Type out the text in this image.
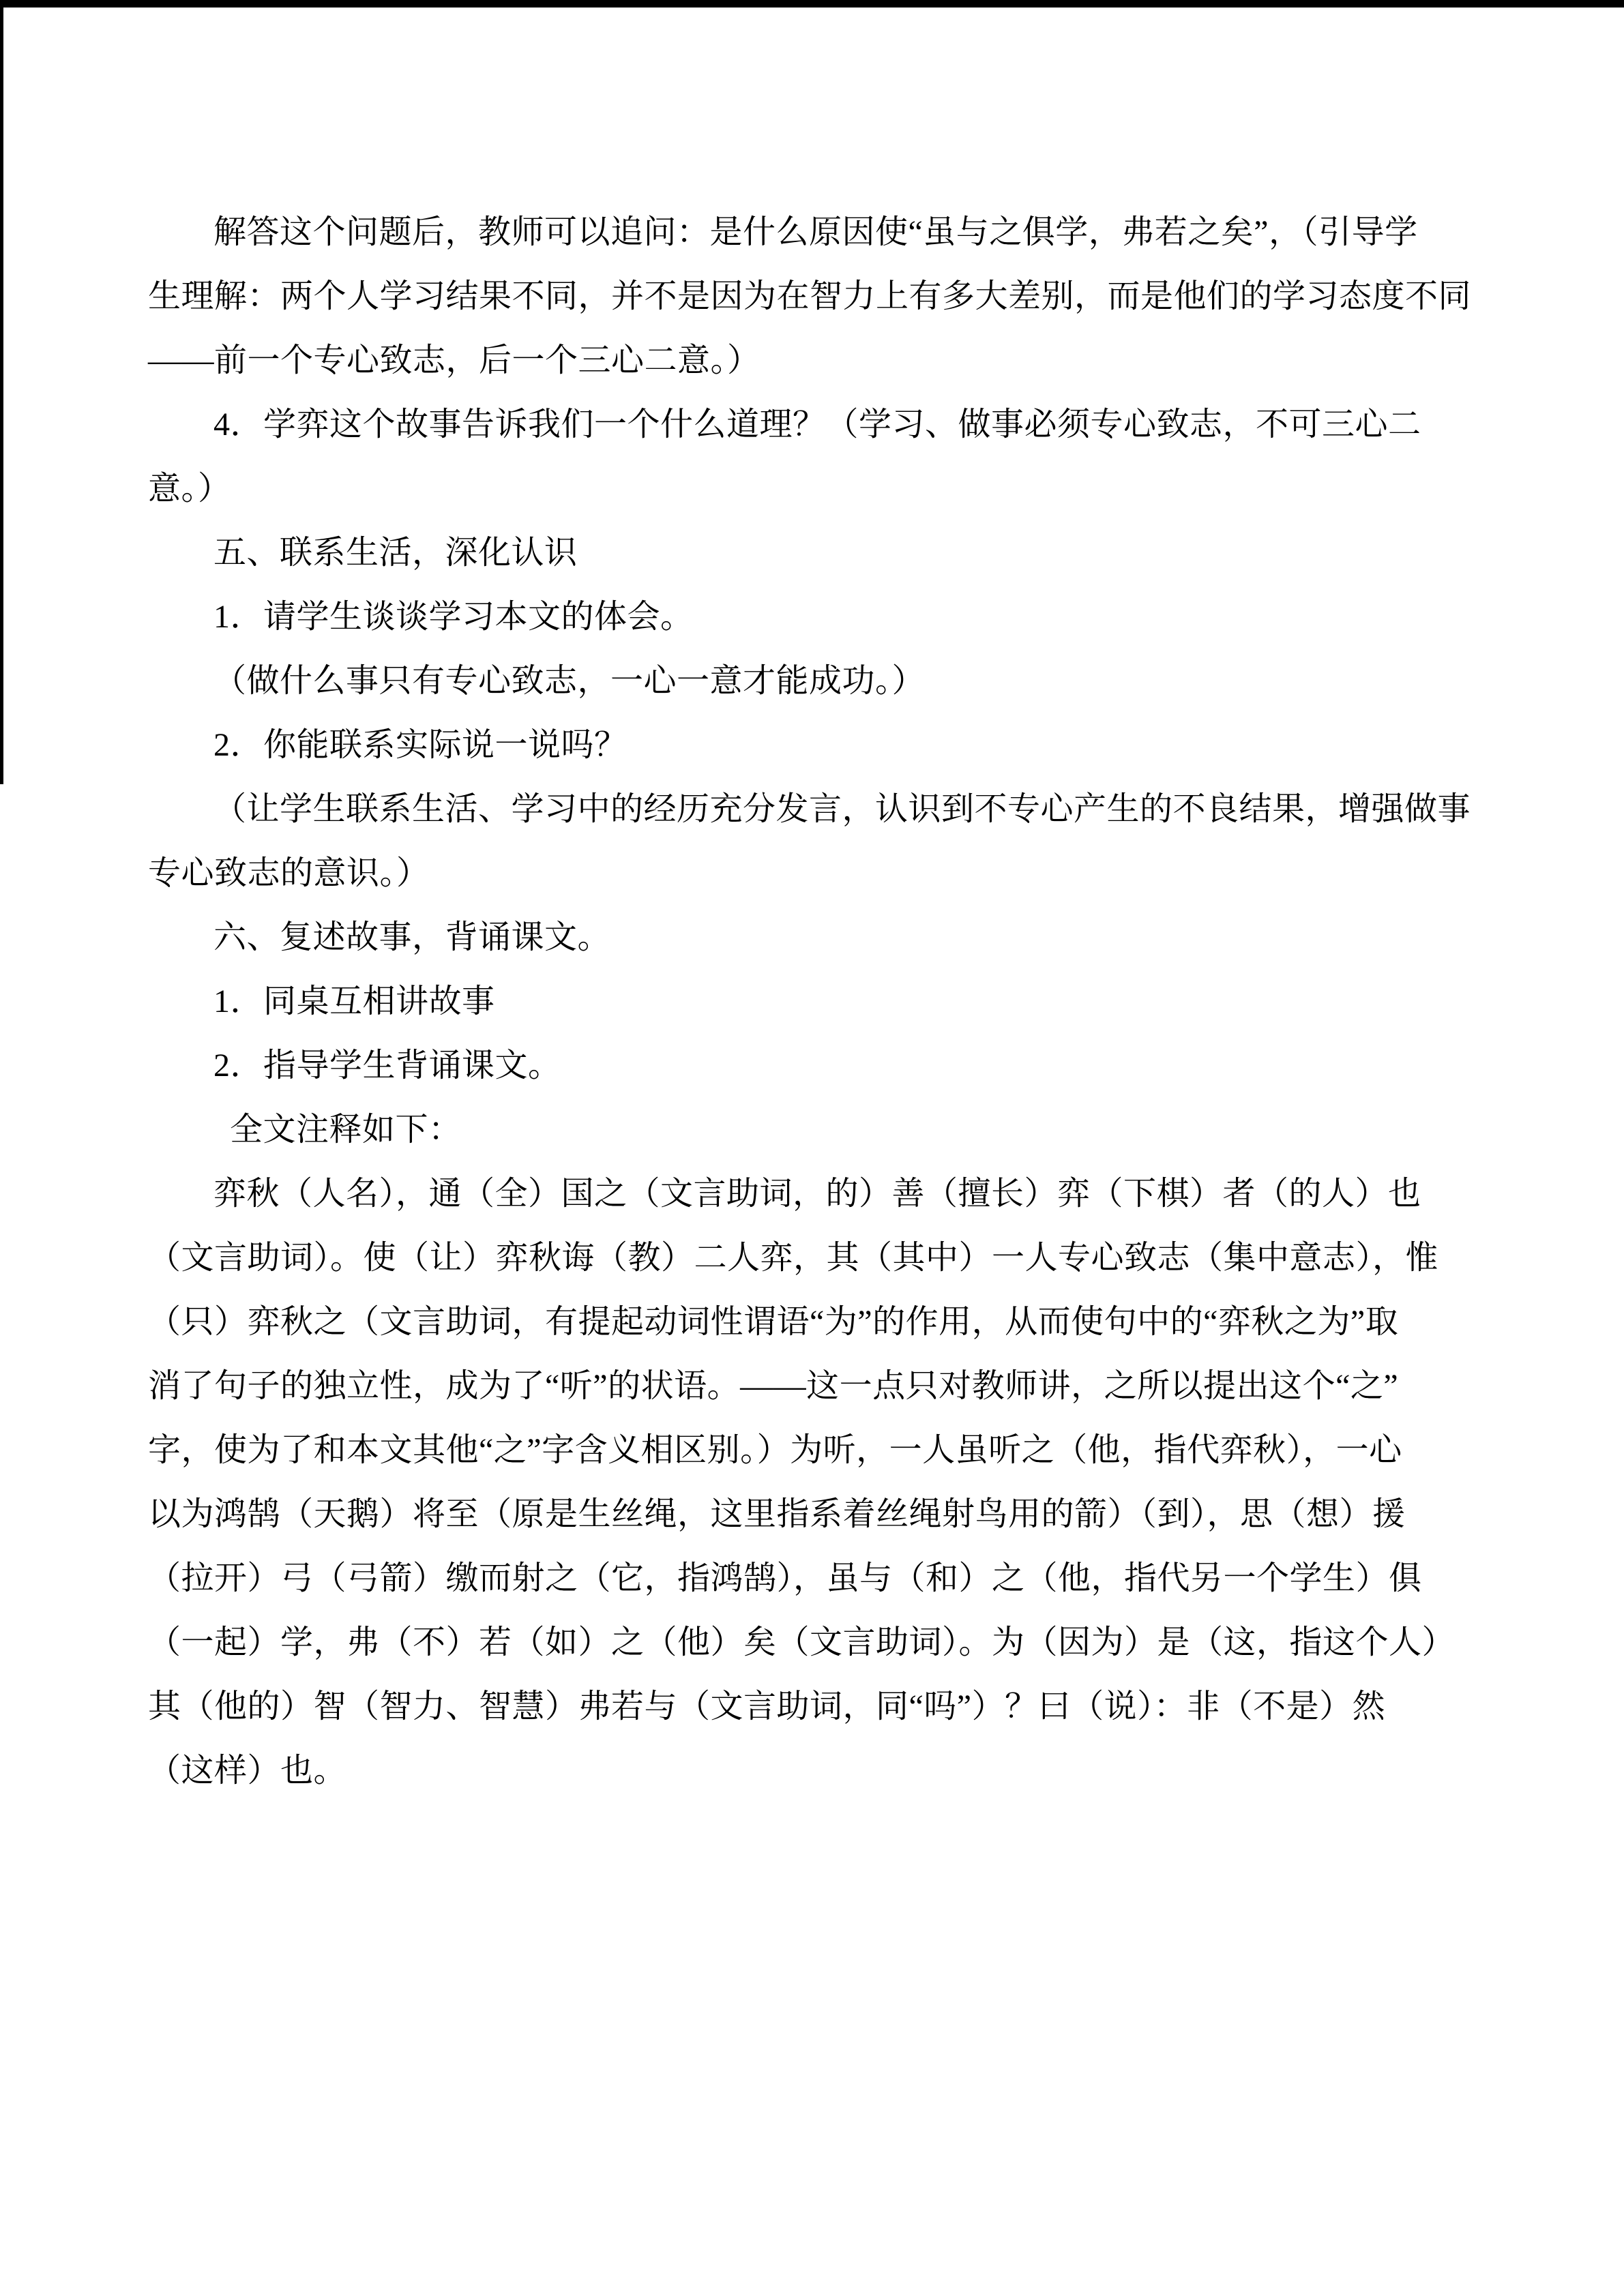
解答这个问题后，教师可以追问：是什么原因使“虽与之俱学，弗若之矣”，（引导学
生理解：两个人学习结果不同，并不是因为在智力上有多大差别，而是他们的学习态度不同
——前一个专心致志，后一个三心二意。）
4．学弈这个故事告诉我们一个什么道理？（学习、做事必须专心致志，不可三心二
意。）
五、联系生活，深化认识
1．请学生谈谈学习本文的体会。
（做什么事只有专心致志，一心一意才能成功。）
2．你能联系实际说一说吗？
（让学生联系生活、学习中的经历充分发言，认识到不专心产生的不良结果，增强做事
专心致志的意识。）
六、复述故事，背诵课文。
1．同桌互相讲故事
2．指导学生背诵课文。
全文注释如下：
弈秋（人名），通（全）国之（文言助词，的）善（擅长）弈（下棋）者（的人）也
（文言助词）。使（让）弈秋诲（教）二人弈，其（其中）一人专心致志（集中意志），惟
（只）弈秋之（文言助词，有提起动词性谓语“为”的作用，从而使句中的“弈秋之为”取
消了句子的独立性，成为了“听”的状语。——这一点只对教师讲，之所以提出这个“之”
字，使为了和本文其他“之”字含义相区别。）为听，一人虽听之（他，指代弈秋），一心
以为鸿鹄（天鹅）将至（原是生丝绳，这里指系着丝绳射鸟用的箭）（到），思（想）援
（拉开）弓（弓箭）缴而射之（它，指鸿鹄），虽与（和）之（他，指代另一个学生）俱
（一起）学，弗（不）若（如）之（他）矣（文言助词）。为（因为）是（这，指这个人）
其（他的）智（智力、智慧）弗若与（文言助词，同“吗”）？曰（说）：非（不是）然
（这样）也。
